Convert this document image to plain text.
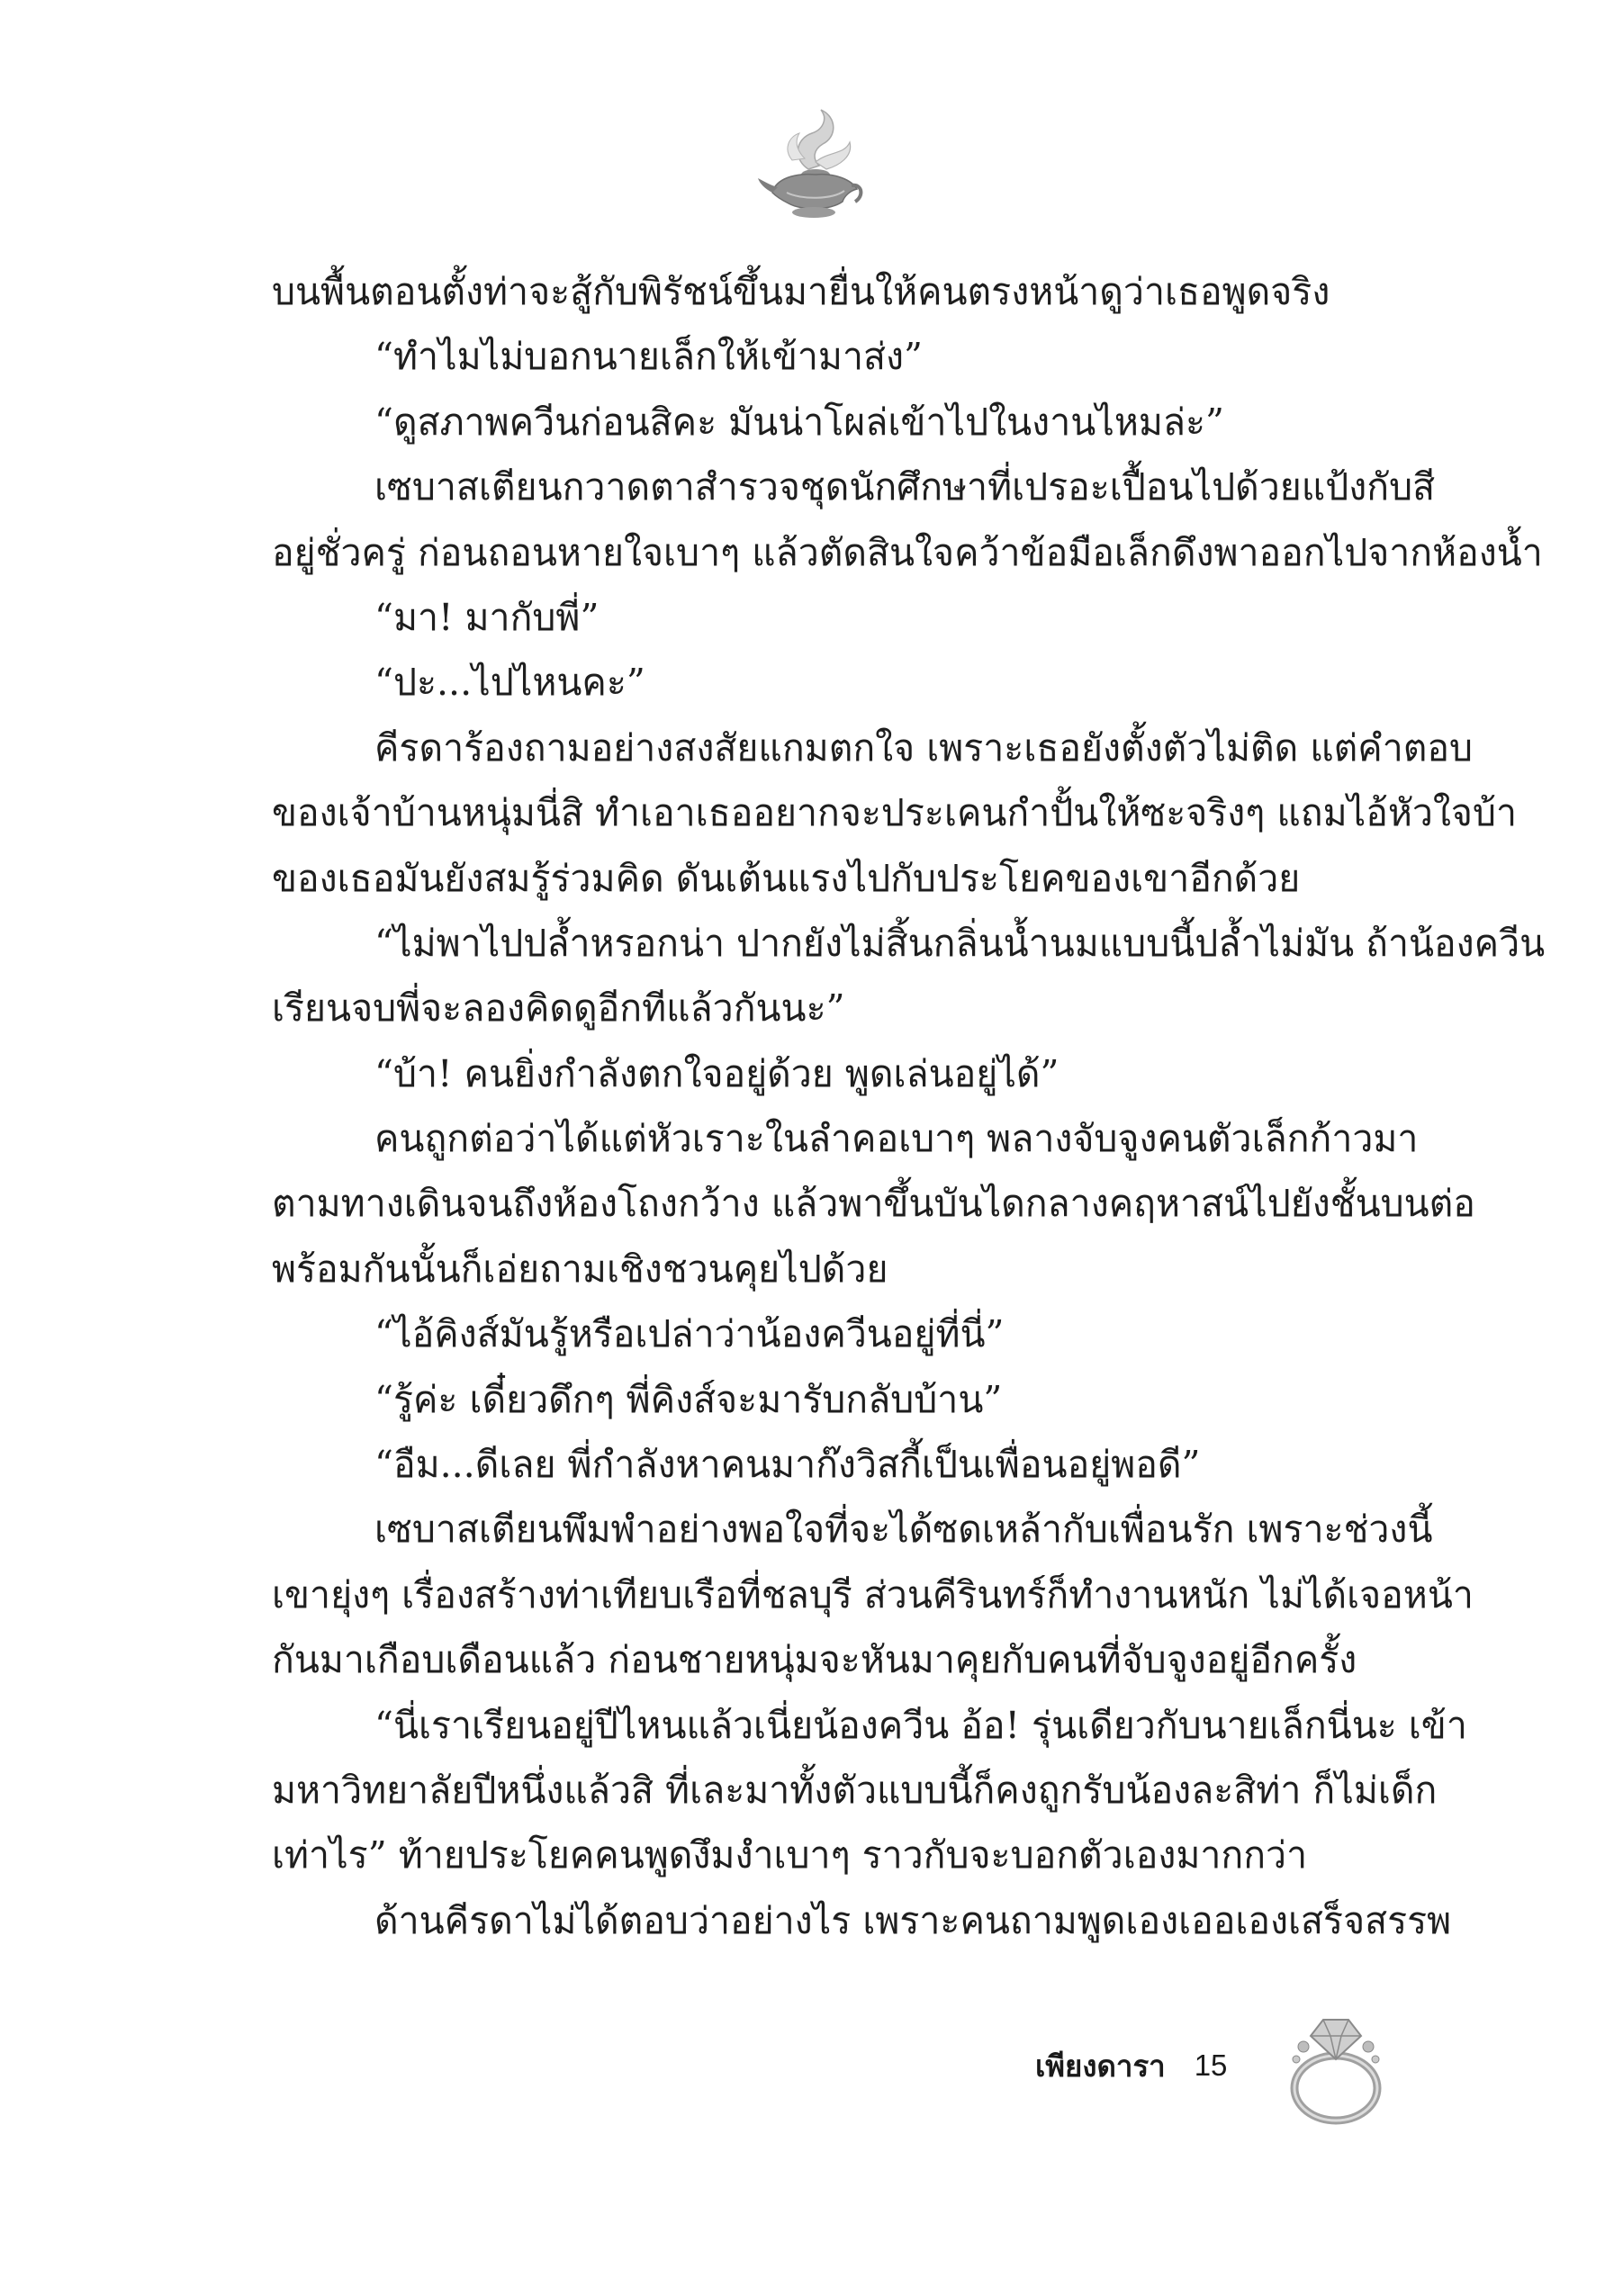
บนพื้นตอนตั้งท่าจะสู้กับพิรัชน์ขึ้นมายื่นให้คนตรงหน้าดูว่าเธอพูดจริง
“ทำไมไม่บอกนายเล็กให้เข้ามาส่ง”
“ดูสภาพควีนก่อนสิคะ มันน่าโผล่เข้าไปในงานไหมล่ะ”
เซบาสเตียนกวาดตาสำรวจชุดนักศึกษาที่เปรอะเปื้อนไปด้วยแป้งกับสี
อยู่ชั่วครู่ ก่อนถอนหายใจเบาๆ แล้วตัดสินใจคว้าข้อมือเล็กดึงพาออกไปจากห้องน้ำ
“มา! มากับพี่”
“ปะ...ไปไหนคะ”
คีรดาร้องถามอย่างสงสัยแกมตกใจ เพราะเธอยังตั้งตัวไม่ติด แต่คำตอบ
ของเจ้าบ้านหนุ่มนี่สิ ทำเอาเธออยากจะประเคนกำปั้นให้ซะจริงๆ แถมไอ้หัวใจบ้า
ของเธอมันยังสมรู้ร่วมคิด ดันเต้นแรงไปกับประโยคของเขาอีกด้วย
“ไม่พาไปปล้ำหรอกน่า ปากยังไม่สิ้นกลิ่นน้ำนมแบบนี้ปล้ำไม่มัน ถ้าน้องควีน
เรียนจบพี่จะลองคิดดูอีกทีแล้วกันนะ”
“บ้า! คนยิ่งกำลังตกใจอยู่ด้วย พูดเล่นอยู่ได้”
คนถูกต่อว่าได้แต่หัวเราะในลำคอเบาๆ พลางจับจูงคนตัวเล็กก้าวมา
ตามทางเดินจนถึงห้องโถงกว้าง แล้วพาขึ้นบันไดกลางคฤหาสน์ไปยังชั้นบนต่อ
พร้อมกันนั้นก็เอ่ยถามเชิงชวนคุยไปด้วย
“ไอ้คิงส์มันรู้หรือเปล่าว่าน้องควีนอยู่ที่นี่”
“รู้ค่ะ เดี๋ยวดึกๆ พี่คิงส์จะมารับกลับบ้าน”
“อืม...ดีเลย พี่กำลังหาคนมาก๊งวิสกี้เป็นเพื่อนอยู่พอดี”
เซบาสเตียนพึมพำอย่างพอใจที่จะได้ซดเหล้ากับเพื่อนรัก เพราะช่วงนี้
เขายุ่งๆ เรื่องสร้างท่าเทียบเรือที่ชลบุรี ส่วนคีรินทร์ก็ทำงานหนัก ไม่ได้เจอหน้า
กันมาเกือบเดือนแล้ว ก่อนชายหนุ่มจะหันมาคุยกับคนที่จับจูงอยู่อีกครั้ง
“นี่เราเรียนอยู่ปีไหนแล้วเนี่ยน้องควีน อ้อ! รุ่นเดียวกับนายเล็กนี่นะ เข้า
มหาวิทยาลัยปีหนึ่งแล้วสิ ที่เละมาทั้งตัวแบบนี้ก็คงถูกรับน้องละสิท่า ก็ไม่เด็ก
เท่าไร” ท้ายประโยคคนพูดงึมงำเบาๆ ราวกับจะบอกตัวเองมากกว่า
ด้านคีรดาไม่ได้ตอบว่าอย่างไร เพราะคนถามพูดเองเออเองเสร็จสรรพ
เพียงดารา 15
